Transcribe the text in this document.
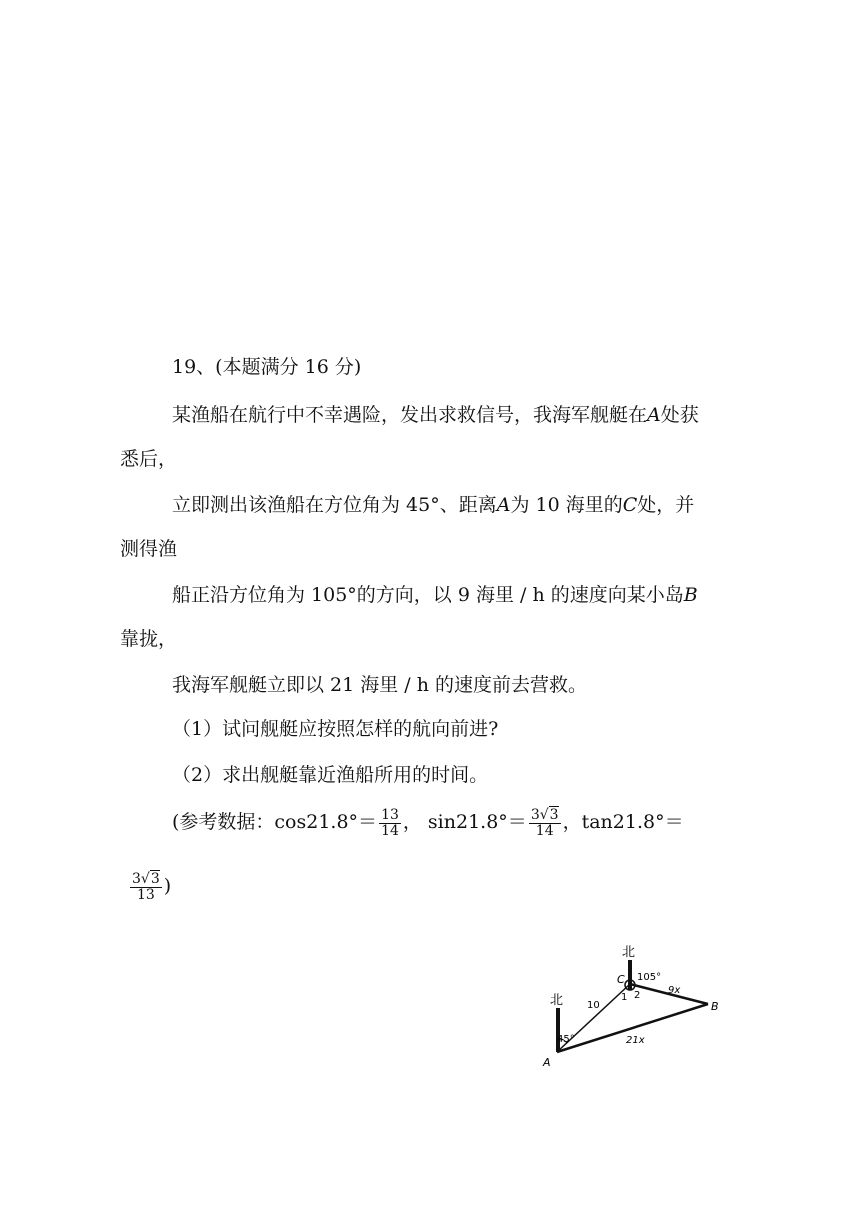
19、(本题满分 16 分)
某渔船在航行中不幸遇险，发出求救信号，我海军舰艇在A处获
悉后，
立即测出该渔船在方位角为 45°、距离A为 10 海里的C处，并
测得渔
船正沿方位角为 105°的方向，以 9 海里 / h 的速度向某小岛B
靠拢，
我海军舰艇立即以 21 海里 / h 的速度前去营救。
（1）试问舰艇应按照怎样的航向前进?
（2）求出舰艇靠近渔船所用的时间。
(参考数据：$\cos 21.8^\circ= \frac{13}{14}$ ， $\sin 21.8^\circ= \frac{3√3}{14}$ ，tan21.8°＝
$\frac{3√3}{13}$ )
北
北
A
B
C
45°
105°
10
9x
21x
1 2
